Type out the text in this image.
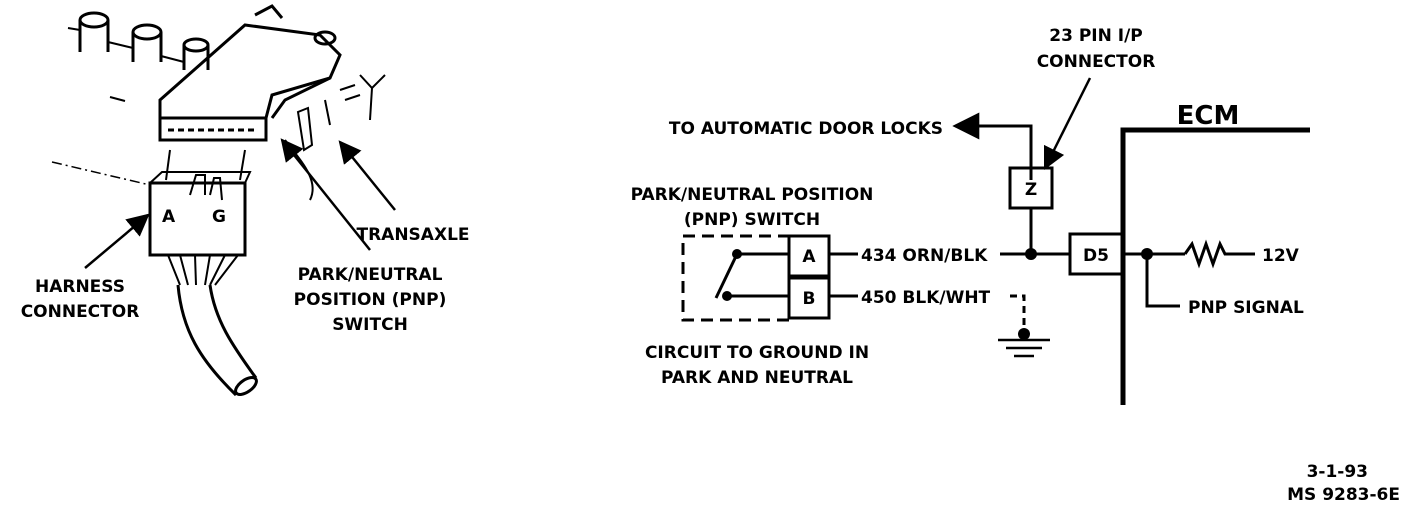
A G
HARNESS
CONNECTOR
PARK/NEUTRAL
POSITION (PNP)
SWITCH
TRANSAXLE
ECM
23 PIN I/P
CONNECTOR
TO AUTOMATIC DOOR LOCKS
Z
D5
PARK/NEUTRAL POSITION
(PNP) SWITCH
A
B
434 ORN/BLK
450 BLK/WHT
12V
PNP SIGNAL
CIRCUIT TO GROUND IN
PARK AND NEUTRAL
3-1-93
MS 9283-6E
